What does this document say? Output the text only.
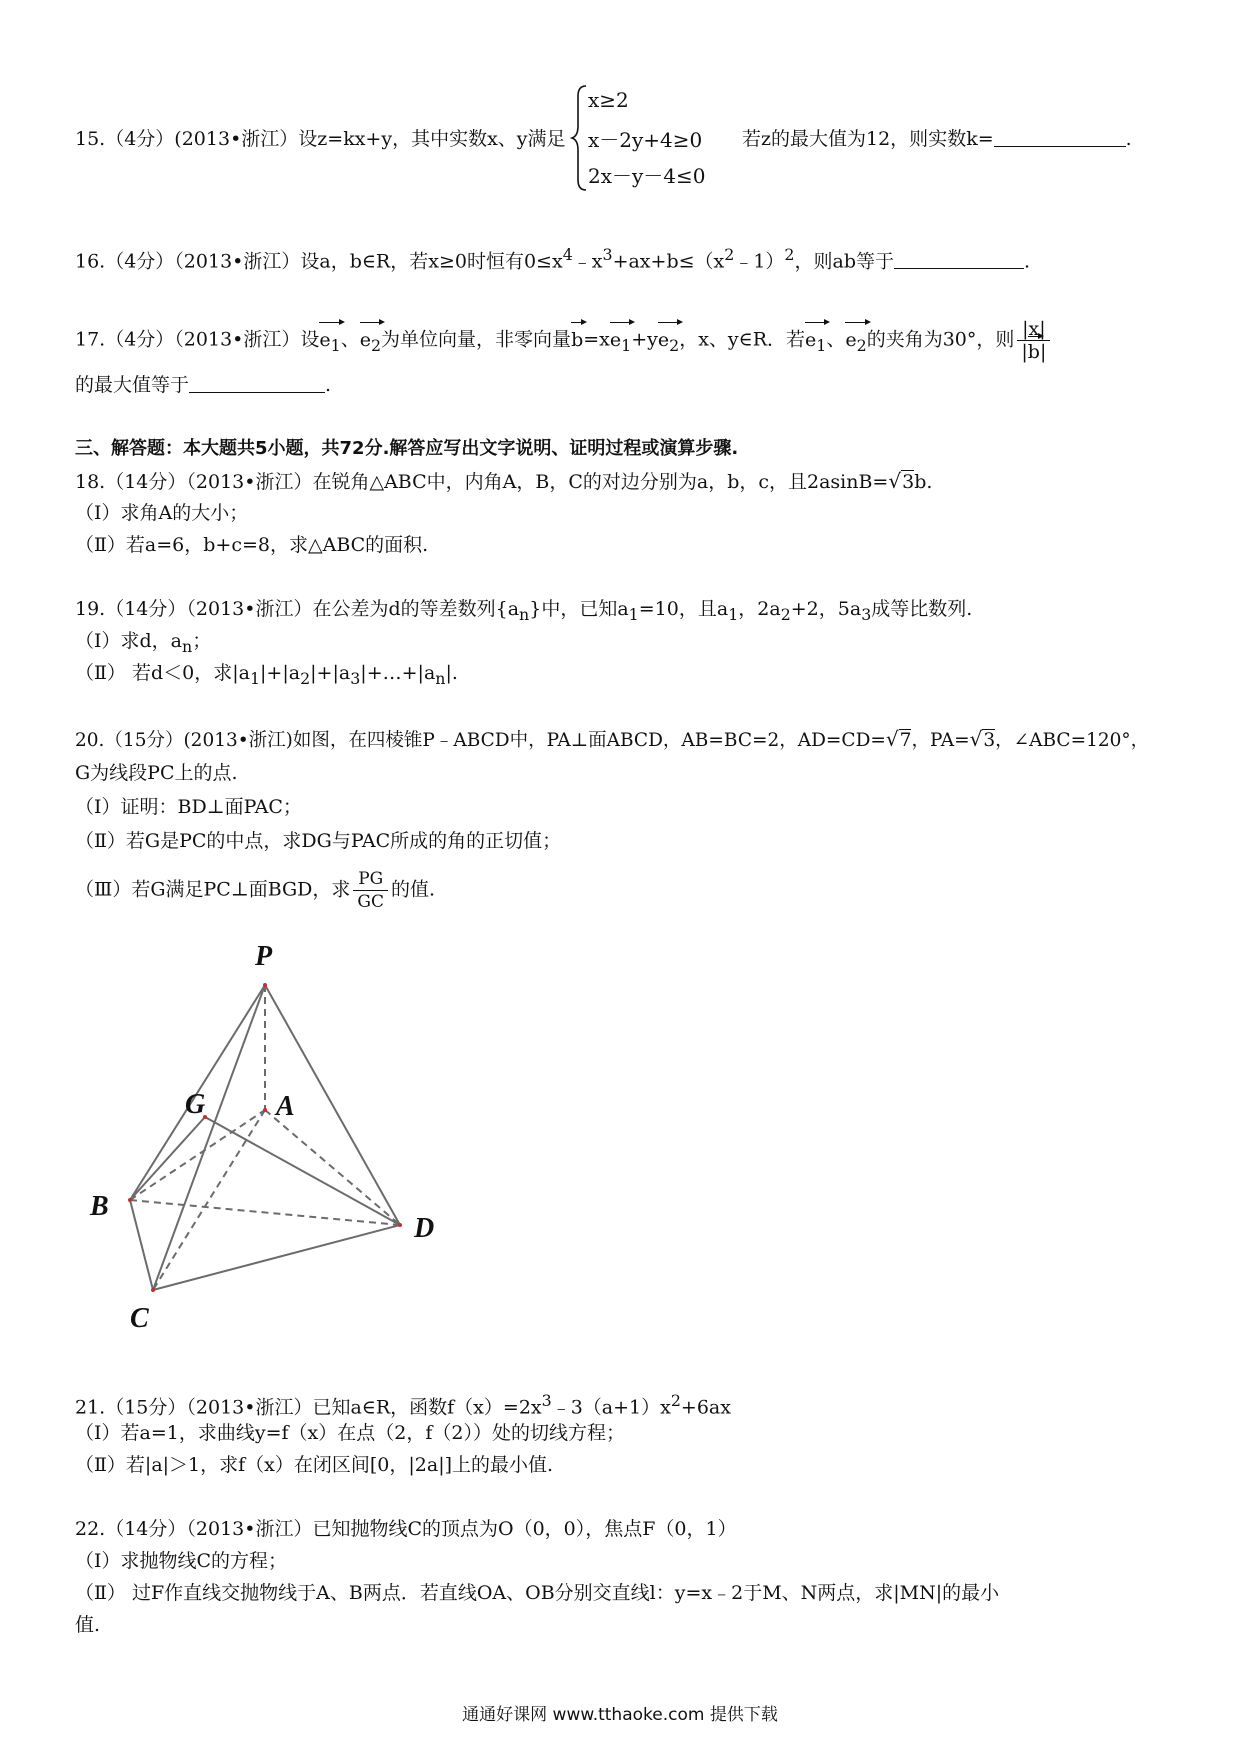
15.（4分）(2013•浙江）设z=kx+y，其中实数x、y满足
x≥2
x－2y+4≥0
2x－y－4≤0
若z的最大值为12，则实数k=	.
16.（4分）（2013•浙江）设a，b∈R，若x≥0时恒有$0\le x^4﹣x^3+ax+b\le(x^2﹣1)^2$，则ab等于	.
17.（4分）（2013•浙江）设$e_1$、$e_2$为单位向量，非零向量$b=xe_1+ye_2$，x、y∈R．若$e_1$、$e_2$的夹角为30°，则 $\frac{|x|}{|b|}$
的最大值等于	.
三、解答题：本大题共5小题，共72分.解答应写出文字说明、证明过程或演算步骤.
18.（14分）（2013•浙江）在锐角△ABC中，内角A，B，C的对边分别为a，b，c，且2asinB=√3b.
（Ⅰ）求角A的大小；
（Ⅱ）若a=6，b+c=8，求△ABC的面积.
19.（14分）（2013•浙江）在公差为d的等差数列$\{a_n\}$中，已知$a_1=10$，且$a_1$，$2a_2+2$，$5a_3$成等比数列.
（Ⅰ）求d，$a_n$；
（Ⅱ） 若d＜0，求$|a_1|+|a_2|+|a_3|+\dots+|a_n|$.
20.（15分）(2013•浙江)如图，在四棱锥P﹣ABCD中，PA⊥面ABCD，AB=BC=2，AD=CD=√7，PA=√3，∠ABC=120°，
G为线段PC上的点.
（Ⅰ）证明：BD⊥面PAC；
（Ⅱ）若G是PC的中点，求DG与PAC所成的角的正切值；
（Ⅲ）若G满足PC⊥面BGD，求 $\frac{PG}{GC}$ 的值.
P
A
B
C
D
G
21.（15分）（2013•浙江）已知a∈R，函数$f(x)=2x^3﹣3(a+1)x^2+6ax$
（Ⅰ）若a=1，求曲线y=f（x）在点（2，f（2））处的切线方程；
（Ⅱ）若|a|＞1，求f（x）在闭区间[0，|2a|]上的最小值.
22.（14分）（2013•浙江）已知抛物线C的顶点为O（0，0），焦点F（0，1）
（Ⅰ）求抛物线C的方程；
（Ⅱ） 过F作直线交抛物线于A、B两点．若直线OA、OB分别交直线l：y=x﹣2于M、N两点，求|MN|的最小
值.
通通好课网 www.tthaoke.com 提供下载
